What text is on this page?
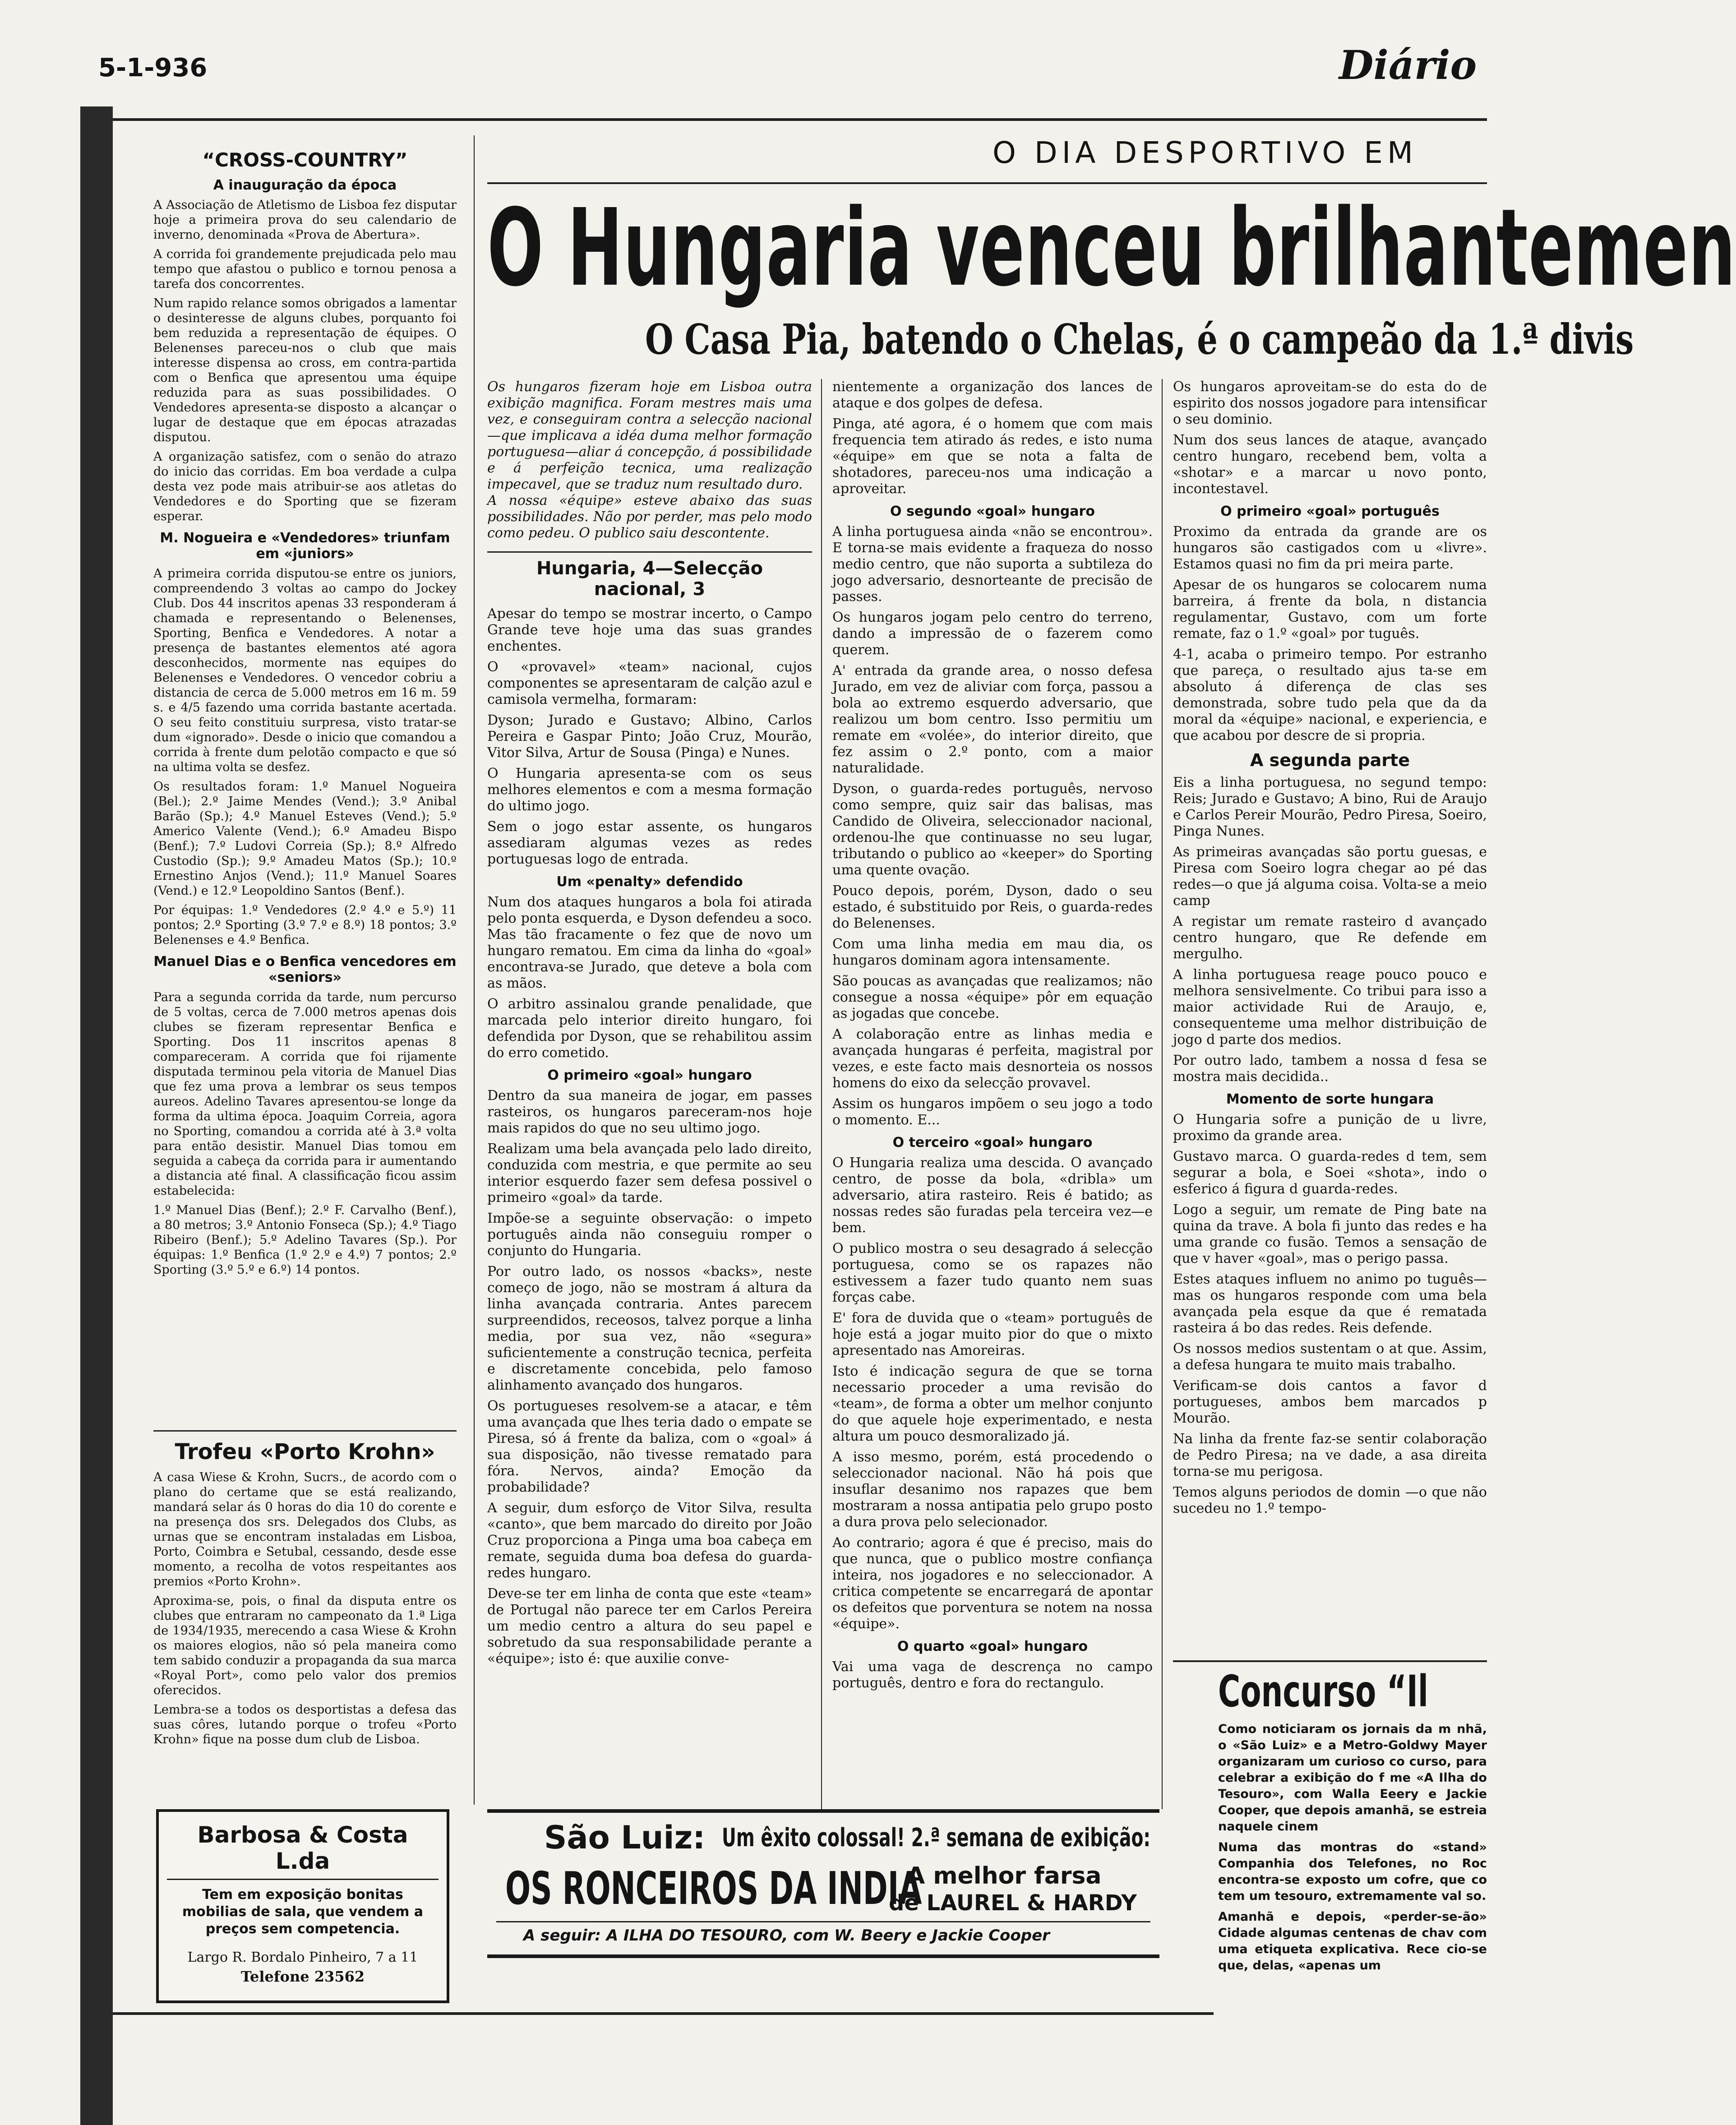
5-1-936	Diário
“CROSS-COUNTRY”
A inauguração da época

A Associação de Atletismo de Lisboa fez disputar hoje a primeira prova do seu calendario de inverno, denominada «Prova de Abertura».

A corrida foi grandemente prejudicada pelo mau tempo que afastou o publico e tornou penosa a tarefa dos concorrentes.

Num rapido relance somos obrigados a lamentar o desinteresse de alguns clubes, porquanto foi bem reduzida a representação de équipes. O Belenenses pareceu-nos o club que mais interesse dispensa ao cross, em contra-partida com o Benfica que apresentou uma équipe reduzida para as suas possibilidades. O Vendedores apresenta-se disposto a alcançar o lugar de destaque que em épocas atrazadas disputou.

A organização satisfez, com o senão do atrazo do inicio das corridas. Em boa verdade a culpa desta vez pode mais atribuir-se aos atletas do Vendedores e do Sporting que se fizeram esperar.

M. Nogueira e «Vendedores» triunfam em «juniors»

A primeira corrida disputou-se entre os juniors, compreendendo 3 voltas ao campo do Jockey Club. Dos 44 inscritos apenas 33 responderam á chamada e representando o Belenenses, Sporting, Benfica e Vendedores. A notar a presença de bastantes elementos até agora desconhecidos, mormente nas equipes do Belenenses e Vendedores. O vencedor cobriu a distancia de cerca de 5.000 metros em 16 m. 59 s. e 4/5 fazendo uma corrida bastante acertada. O seu feito constituiu surpresa, visto tratar-se dum «ignorado». Desde o inicio que comandou a corrida à frente dum pelotão compacto e que só na ultima volta se desfez.

Os resultados foram: 1.º Manuel Nogueira (Bel.); 2.º Jaime Mendes (Vend.); 3.º Anibal Barão (Sp.); 4.º Manuel Esteves (Vend.); 5.º Americo Valente (Vend.); 6.º Amadeu Bispo (Benf.); 7.º Ludovi Correia (Sp.); 8.º Alfredo Custodio (Sp.); 9.º Amadeu Matos (Sp.); 10.º Ernestino Anjos (Vend.); 11.º Manuel Soares (Vend.) e 12.º Leopoldino Santos (Benf.).

Por équipas: 1.º Vendedores (2.º 4.º e 5.º) 11 pontos; 2.º Sporting (3.º 7.º e 8.º) 18 pontos; 3.º Belenenses e 4.º Benfica.

Manuel Dias e o Benfica vencedores em «seniors»

Para a segunda corrida da tarde, num percurso de 5 voltas, cerca de 7.000 metros apenas dois clubes se fizeram representar Benfica e Sporting. Dos 11 inscritos apenas 8 compareceram. A corrida que foi rijamente disputada terminou pela vitoria de Manuel Dias que fez uma prova a lembrar os seus tempos aureos. Adelino Tavares apresentou-se longe da forma da ultima época. Joaquim Correia, agora no Sporting, comandou a corrida até à 3.ª volta para então desistir. Manuel Dias tomou em seguida a cabeça da corrida para ir aumentando a distancia até final. A classificação ficou assim estabelecida:

1.º Manuel Dias (Benf.); 2.º F. Carvalho (Benf.), a 80 metros; 3.º Antonio Fonseca (Sp.); 4.º Tiago Ribeiro (Benf.); 5.º Adelino Tavares (Sp.). Por équipas: 1.º Benfica (1.º 2.º e 4.º) 7 pontos; 2.º Sporting (3.º 5.º e 6.º) 14 pontos.

Trofeu «Porto Krohn»

A casa Wiese & Krohn, Sucrs., de acordo com o plano do certame que se está realizando, mandará selar ás 0 horas do dia 10 do corente e na presença dos srs. Delegados dos Clubs, as urnas que se encontram instaladas em Lisboa, Porto, Coimbra e Setubal, cessando, desde esse momento, a recolha de votos respeitantes aos premios «Porto Krohn».

Aproxima-se, pois, o final da disputa entre os clubes que entraram no campeonato da 1.ª Liga de 1934/1935, merecendo a casa Wiese & Krohn os maiores elogios, não só pela maneira como tem sabido conduzir a propaganda da sua marca «Royal Port», como pelo valor dos premios oferecidos.

Lembra-se a todos os desportistas a defesa das suas côres, lutando porque o trofeu «Porto Krohn» fique na posse dum club de Lisboa.

Barbosa & Costa L.da
Tem em exposição bonitas mobilias de sala, que vendem a preços sem competencia.
Largo R. Bordalo Pinheiro, 7 a 11
Telefone 23562
O DIA DESPORTIVO EM
O Hungaria venceu brilhantemen
O Casa Pia, batendo o Chelas, é o campeão da 1.ª divis

Os hungaros fizeram hoje em Lisboa outra exibição magnifica. Foram mestres mais uma vez, e conseguiram contra a selecção nacional—que implicava a idéa duma melhor formação portuguesa—aliar á concepção, á possibilidade e á perfeição tecnica, uma realização impecavel, que se traduz num resultado duro.
A nossa «équipe» esteve abaixo das suas possibilidades. Não por perder, mas pelo modo como pedeu. O publico saiu descontente.

Hungaria, 4—Selecção nacional, 3

Apesar do tempo se mostrar incerto, o Campo Grande teve hoje uma das suas grandes enchentes.

O «provavel» «team» nacional, cujos componentes se apresentaram de calção azul e camisola vermelha, formaram:

Dyson; Jurado e Gustavo; Albino, Carlos Pereira e Gaspar Pinto; João Cruz, Mourão, Vitor Silva, Artur de Sousa (Pinga) e Nunes.

O Hungaria apresenta-se com os seus melhores elementos e com a mesma formação do ultimo jogo.

Sem o jogo estar assente, os hungaros assediaram algumas vezes as redes portuguesas logo de entrada.

Um «penalty» defendido

Num dos ataques hungaros a bola foi atirada pelo ponta esquerda, e Dyson defendeu a soco. Mas tão fracamente o fez que de novo um hungaro rematou. Em cima da linha do «goal» encontrava-se Jurado, que deteve a bola com as mãos.

O arbitro assinalou grande penalidade, que marcada pelo interior direito hungaro, foi defendida por Dyson, que se rehabilitou assim do erro cometido.

O primeiro «goal» hungaro

Dentro da sua maneira de jogar, em passes rasteiros, os hungaros pareceram-nos hoje mais rapidos do que no seu ultimo jogo.

Realizam uma bela avançada pelo lado direito, conduzida com mestria, e que permite ao seu interior esquerdo fazer sem defesa possivel o primeiro «goal» da tarde.

Impõe-se a seguinte observação: o impeto português ainda não conseguiu romper o conjunto do Hungaria.

Por outro lado, os nossos «backs», neste começo de jogo, não se mostram á altura da linha avançada contraria. Antes parecem surpreendidos, receosos, talvez porque a linha media, por sua vez, não «segura» suficientemente a construção tecnica, perfeita e discretamente concebida, pelo famoso alinhamento avançado dos hungaros.

Os portugueses resolvem-se a atacar, e têm uma avançada que lhes teria dado o empate se Piresa, só á frente da baliza, com o «goal» á sua disposição, não tivesse rematado para fóra. Nervos, ainda? Emoção da probabilidade?

A seguir, dum esforço de Vitor Silva, resulta «canto», que bem marcado do direito por João Cruz proporciona a Pinga uma boa cabeça em remate, seguida duma boa defesa do guarda-redes hungaro.

Deve-se ter em linha de conta que este «team» de Portugal não parece ter em Carlos Pereira um medio centro a altura do seu papel e sobretudo da sua responsabilidade perante a «équipe»; isto é: que auxilie conve-

nientemente a organização dos lances de ataque e dos golpes de defesa.

Pinga, até agora, é o homem que com mais frequencia tem atirado ás redes, e isto numa «équipe» em que se nota a falta de shotadores, pareceu-nos uma indicação a aproveitar.

O segundo «goal» hungaro

A linha portuguesa ainda «não se encontrou». E torna-se mais evidente a fraqueza do nosso medio centro, que não suporta a subtileza do jogo adversario, desnorteante de precisão de passes.

Os hungaros jogam pelo centro do terreno, dando a impressão de o fazerem como querem.

A' entrada da grande area, o nosso defesa Jurado, em vez de aliviar com força, passou a bola ao extremo esquerdo adversario, que realizou um bom centro. Isso permitiu um remate em «volée», do interior direito, que fez assim o 2.º ponto, com a maior naturalidade.

Dyson, o guarda-redes português, nervoso como sempre, quiz sair das balisas, mas Candido de Oliveira, seleccionador nacional, ordenou-lhe que continuasse no seu lugar, tributando o publico ao «keeper» do Sporting uma quente ovação.

Pouco depois, porém, Dyson, dado o seu estado, é substituido por Reis, o guarda-redes do Belenenses.

Com uma linha media em mau dia, os hungaros dominam agora intensamente.

São poucas as avançadas que realizamos; não consegue a nossa «équipe» pôr em equação as jogadas que concebe.

A colaboração entre as linhas media e avançada hungaras é perfeita, magistral por vezes, e este facto mais desnorteia os nossos homens do eixo da selecção provavel.

Assim os hungaros impõem o seu jogo a todo o momento. E...

O terceiro «goal» hungaro

O Hungaria realiza uma descida. O avançado centro, de posse da bola, «dribla» um adversario, atira rasteiro. Reis é batido; as nossas redes são furadas pela terceira vez—e bem.

O publico mostra o seu desagrado á selecção portuguesa, como se os rapazes não estivessem a fazer tudo quanto nem suas forças cabe.

E' fora de duvida que o «team» português de hoje está a jogar muito pior do que o mixto apresentado nas Amoreiras.

Isto é indicação segura de que se torna necessario proceder a uma revisão do «team», de forma a obter um melhor conjunto do que aquele hoje experimentado, e nesta altura um pouco desmoralizado já.

A isso mesmo, porém, está procedendo o seleccionador nacional. Não há pois que insuflar desanimo nos rapazes que bem mostraram a nossa antipatia pelo grupo posto a dura prova pelo selecionador.

Ao contrario; agora é que é preciso, mais do que nunca, que o publico mostre confiança inteira, nos jogadores e no seleccionador. A critica competente se encarregará de apontar os defeitos que porventura se notem na nossa «équipe».

O quarto «goal» hungaro

Vai uma vaga de descrença no campo português, dentro e fora do rectangulo.

Os hungaros aproveitam-se do esta do de espirito dos nossos jogadore para intensificar o seu dominio.

Num dos seus lances de ataque, avançado centro hungaro, recebend bem, volta a «shotar» e a marcar u novo ponto, incontestavel.

O primeiro «goal» português

Proximo da entrada da grande are os hungaros são castigados com u «livre». Estamos quasi no fim da pri meira parte.

Apesar de os hungaros se colocarem numa barreira, á frente da bola, n distancia regulamentar, Gustavo, com um forte remate, faz o 1.º «goal» por tuguês.

4-1, acaba o primeiro tempo. Por estranho que pareça, o resultado ajus ta-se em absoluto á diferença de clas ses demonstrada, sobre tudo pela que da da moral da «équipe» nacional, e experiencia, e que acabou por descre de si propria.

A segunda parte

Eis a linha portuguesa, no segund tempo: Reis; Jurado e Gustavo; A bino, Rui de Araujo e Carlos Pereir Mourão, Pedro Piresa, Soeiro, Pinga Nunes.

As primeiras avançadas são portu guesas, e Piresa com Soeiro logra chegar ao pé das redes—o que já alguma coisa. Volta-se a meio camp

A registar um remate rasteiro d avançado centro hungaro, que Re defende em mergulho.

A linha portuguesa reage pouco pouco e melhora sensivelmente. Co tribui para isso a maior actividade Rui de Araujo, e, consequenteme uma melhor distribuição de jogo d parte dos medios.

Por outro lado, tambem a nossa d fesa se mostra mais decidida..

Momento de sorte hungara

O Hungaria sofre a punição de u livre, proximo da grande area.

Gustavo marca. O guarda-redes d tem, sem segurar a bola, e Soei «shota», indo o esferico á figura d guarda-redes.

Logo a seguir, um remate de Ping bate na quina da trave. A bola fi junto das redes e ha uma grande co fusão. Temos a sensação de que v haver «goal», mas o perigo passa.

Estes ataques influem no animo po tuguês—mas os hungaros responde com uma bela avançada pela esque da que é rematada rasteira á bo das redes. Reis defende.

Os nossos medios sustentam o at que. Assim, a defesa hungara te muito mais trabalho.

Verificam-se dois cantos a favor d portugueses, ambos bem marcados p Mourão.

Na linha da frente faz-se sentir colaboração de Pedro Piresa; na ve dade, a asa direita torna-se mu perigosa.

Temos alguns periodos de domin —o que não sucedeu no 1.º tempo-

Concurso “Il

Como noticiaram os jornais da m nhã, o «São Luiz» e a Metro-Goldwy Mayer organizaram um curioso co curso, para celebrar a exibição do f me «A Ilha do Tesouro», com Walla Eeery e Jackie Cooper, que depois amanhã, se estreia naquele cinem

Numa das montras do «stand» Companhia dos Telefones, no Roc encontra-se exposto um cofre, que co tem um tesouro, extremamente val so.

Amanhã e depois, «perder-se-ão» Cidade algumas centenas de chav com uma etiqueta explicativa. Rece cio-se que, delas, «apenas um

São Luiz: Um êxito colossal! 2.ª semana de exibição:
OS RONCEIROS DA INDIA
A melhor farsa
de LAUREL & HARDY
A seguir: A ILHA DO TESOURO, com W. Beery e Jackie Cooper
